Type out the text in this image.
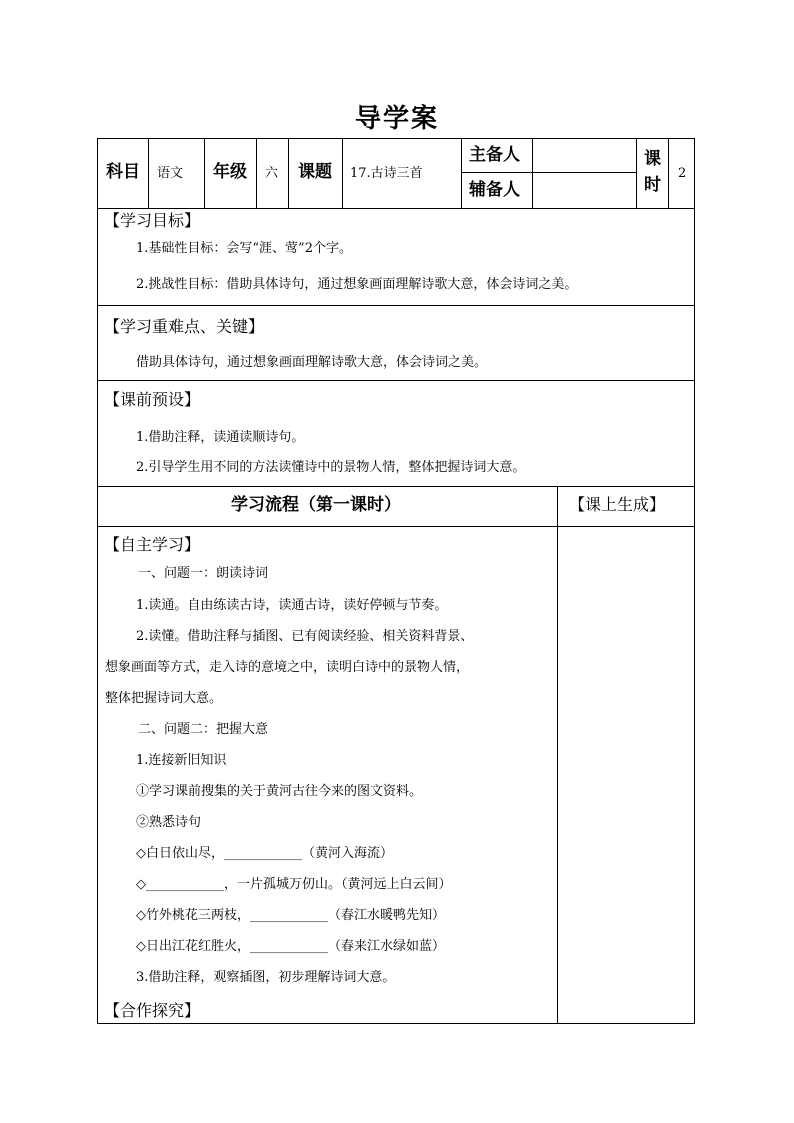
导学案
科目 语文 年级 六 课题 17.古诗三首
主备人
辅备人
课
时
2
【学习目标】
1.基础性目标：会写“涯、莺”2个字。
2.挑战性目标：借助具体诗句，通过想象画面理解诗歌大意，体会诗词之美。
【学习重难点、关键】
借助具体诗句，通过想象画面理解诗歌大意，体会诗词之美。
【课前预设】
1.借助注释，读通读顺诗句。
2.引导学生用不同的方法读懂诗中的景物人情，整体把握诗词大意。
学习流程（第一课时）	【课上生成】
【自主学习】
一、问题一：朗读诗词
1.读通。自由练读古诗，读通古诗，读好停顿与节奏。
2.读懂。借助注释与插图、已有阅读经验、相关资料背景、
想象画面等方式，走入诗的意境之中，读明白诗中的景物人情，
整体把握诗词大意。
二、问题二：把握大意
1.连接新旧知识
①学习课前搜集的关于黄河古往今来的图文资料。
②熟悉诗句
◇白日依山尽，____________（黄河入海流）
◇____________，一片孤城万仞山。（黄河远上白云间）
◇竹外桃花三两枝，____________（春江水暖鸭先知）
◇日出江花红胜火，____________（春来江水绿如蓝）
3.借助注释，观察插图，初步理解诗词大意。
【合作探究】
